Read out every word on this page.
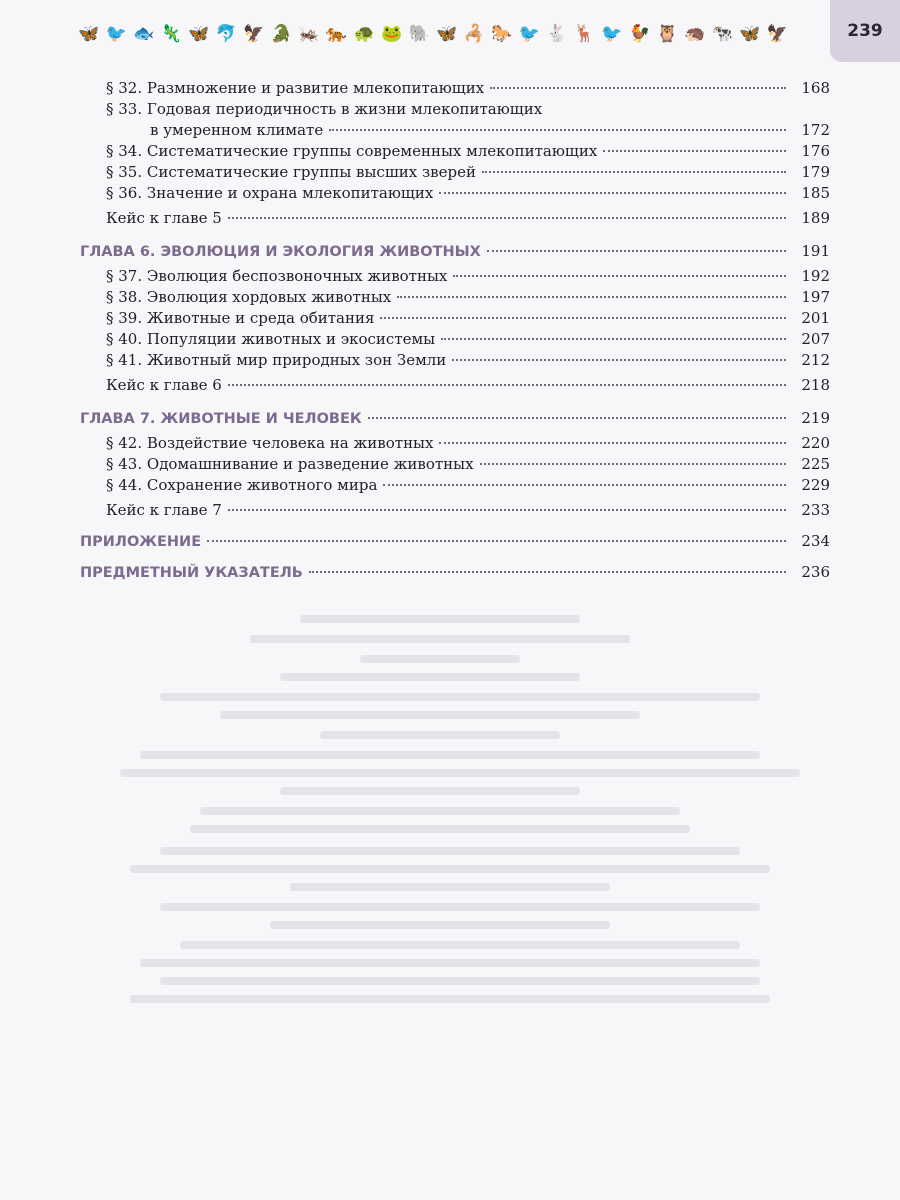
239
🦋 🐦 🐟 🦎 🦋 🐬 🦅 🐊 🦗 🐅 🐢 🐸 🐘 🦋 🦂 🐎 🐦 🐇 🦌 🐦 🐓 🦉 🦔 🐄 🦋 🦅
§ 32. Размножение и развитие млекопитающих	168
§ 33. Годовая периодичность в жизни млекопитающих
в умеренном климате	172
§ 34. Систематические группы современных млекопитающих	176
§ 35. Систематические группы высших зверей	179
§ 36. Значение и охрана млекопитающих	185
Кейс к главе 5	189
ГЛАВА 6. ЭВОЛЮЦИЯ И ЭКОЛОГИЯ ЖИВОТНЫХ	191
§ 37. Эволюция беспозвоночных животных	192
§ 38. Эволюция хордовых животных	197
§ 39. Животные и среда обитания	201
§ 40. Популяции животных и экосистемы	207
§ 41. Животный мир природных зон Земли	212
Кейс к главе 6	218
ГЛАВА 7. ЖИВОТНЫЕ И ЧЕЛОВЕК	219
§ 42. Воздействие человека на животных	220
§ 43. Одомашнивание и разведение животных	225
§ 44. Сохранение животного мира	229
Кейс к главе 7	233
ПРИЛОЖЕНИЕ	234
ПРЕДМЕТНЫЙ УКАЗАТЕЛЬ	236
